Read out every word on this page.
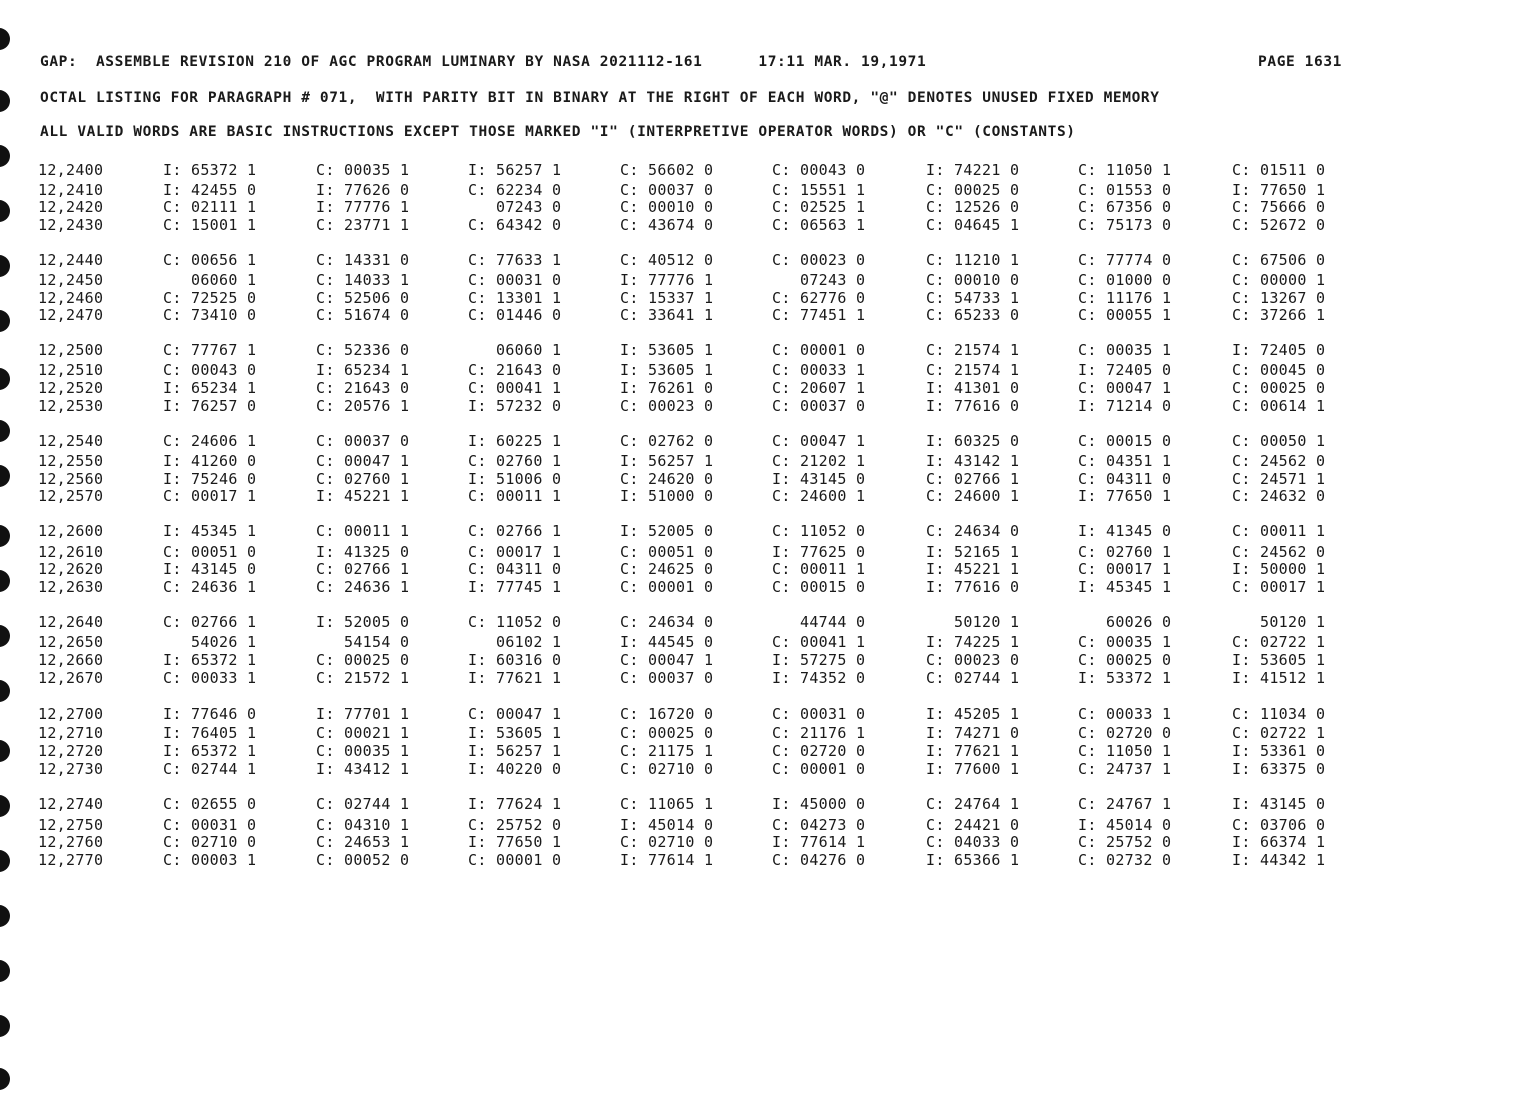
GAP:  ASSEMBLE REVISION 210 OF AGC PROGRAM LUMINARY BY NASA 2021112-161      17:11 MAR. 19,1971	PAGE 1631
OCTAL LISTING FOR PARAGRAPH # 071,  WITH PARITY BIT IN BINARY AT THE RIGHT OF EACH WORD, "@" DENOTES UNUSED FIXED MEMORY
ALL VALID WORDS ARE BASIC INSTRUCTIONS EXCEPT THOSE MARKED "I" (INTERPRETIVE OPERATOR WORDS) OR "C" (CONSTANTS)
12,2400	I: 65372 1	C: 00035 1	I: 56257 1	C: 56602 0	C: 00043 0	I: 74221 0	C: 11050 1	C: 01511 0
12,2410	I: 42455 0	I: 77626 0	C: 62234 0	C: 00037 0	C: 15551 1	C: 00025 0	C: 01553 0	I: 77650 1
12,2420	C: 02111 1	I: 77776 1	07243 0	C: 00010 0	C: 02525 1	C: 12526 0	C: 67356 0	C: 75666 0
12,2430	C: 15001 1	C: 23771 1	C: 64342 0	C: 43674 0	C: 06563 1	C: 04645 1	C: 75173 0	C: 52672 0
12,2440	C: 00656 1	C: 14331 0	C: 77633 1	C: 40512 0	C: 00023 0	C: 11210 1	C: 77774 0	C: 67506 0
12,2450	06060 1	C: 14033 1	C: 00031 0	I: 77776 1	07243 0	C: 00010 0	C: 01000 0	C: 00000 1
12,2460	C: 72525 0	C: 52506 0	C: 13301 1	C: 15337 1	C: 62776 0	C: 54733 1	C: 11176 1	C: 13267 0
12,2470	C: 73410 0	C: 51674 0	C: 01446 0	C: 33641 1	C: 77451 1	C: 65233 0	C: 00055 1	C: 37266 1
12,2500	C: 77767 1	C: 52336 0	06060 1	I: 53605 1	C: 00001 0	C: 21574 1	C: 00035 1	I: 72405 0
12,2510	C: 00043 0	I: 65234 1	C: 21643 0	I: 53605 1	C: 00033 1	C: 21574 1	I: 72405 0	C: 00045 0
12,2520	I: 65234 1	C: 21643 0	C: 00041 1	I: 76261 0	C: 20607 1	I: 41301 0	C: 00047 1	C: 00025 0
12,2530	I: 76257 0	C: 20576 1	I: 57232 0	C: 00023 0	C: 00037 0	I: 77616 0	I: 71214 0	C: 00614 1
12,2540	C: 24606 1	C: 00037 0	I: 60225 1	C: 02762 0	C: 00047 1	I: 60325 0	C: 00015 0	C: 00050 1
12,2550	I: 41260 0	C: 00047 1	C: 02760 1	I: 56257 1	C: 21202 1	I: 43142 1	C: 04351 1	C: 24562 0
12,2560	I: 75246 0	C: 02760 1	I: 51006 0	C: 24620 0	I: 43145 0	C: 02766 1	C: 04311 0	C: 24571 1
12,2570	C: 00017 1	I: 45221 1	C: 00011 1	I: 51000 0	C: 24600 1	C: 24600 1	I: 77650 1	C: 24632 0
12,2600	I: 45345 1	C: 00011 1	C: 02766 1	I: 52005 0	C: 11052 0	C: 24634 0	I: 41345 0	C: 00011 1
12,2610	C: 00051 0	I: 41325 0	C: 00017 1	C: 00051 0	I: 77625 0	I: 52165 1	C: 02760 1	C: 24562 0
12,2620	I: 43145 0	C: 02766 1	C: 04311 0	C: 24625 0	C: 00011 1	I: 45221 1	C: 00017 1	I: 50000 1
12,2630	C: 24636 1	C: 24636 1	I: 77745 1	C: 00001 0	C: 00015 0	I: 77616 0	I: 45345 1	C: 00017 1
12,2640	C: 02766 1	I: 52005 0	C: 11052 0	C: 24634 0	44744 0	50120 1	60026 0	50120 1
12,2650	54026 1	54154 0	06102 1	I: 44545 0	C: 00041 1	I: 74225 1	C: 00035 1	C: 02722 1
12,2660	I: 65372 1	C: 00025 0	I: 60316 0	C: 00047 1	I: 57275 0	C: 00023 0	C: 00025 0	I: 53605 1
12,2670	C: 00033 1	C: 21572 1	I: 77621 1	C: 00037 0	I: 74352 0	C: 02744 1	I: 53372 1	I: 41512 1
12,2700	I: 77646 0	I: 77701 1	C: 00047 1	C: 16720 0	C: 00031 0	I: 45205 1	C: 00033 1	C: 11034 0
12,2710	I: 76405 1	C: 00021 1	I: 53605 1	C: 00025 0	C: 21176 1	I: 74271 0	C: 02720 0	C: 02722 1
12,2720	I: 65372 1	C: 00035 1	I: 56257 1	C: 21175 1	C: 02720 0	I: 77621 1	C: 11050 1	I: 53361 0
12,2730	C: 02744 1	I: 43412 1	I: 40220 0	C: 02710 0	C: 00001 0	I: 77600 1	C: 24737 1	I: 63375 0
12,2740	C: 02655 0	C: 02744 1	I: 77624 1	C: 11065 1	I: 45000 0	C: 24764 1	C: 24767 1	I: 43145 0
12,2750	C: 00031 0	C: 04310 1	C: 25752 0	I: 45014 0	C: 04273 0	C: 24421 0	I: 45014 0	C: 03706 0
12,2760	C: 02710 0	C: 24653 1	I: 77650 1	C: 02710 0	I: 77614 1	C: 04033 0	C: 25752 0	I: 66374 1
12,2770	C: 00003 1	C: 00052 0	C: 00001 0	I: 77614 1	C: 04276 0	I: 65366 1	C: 02732 0	I: 44342 1
